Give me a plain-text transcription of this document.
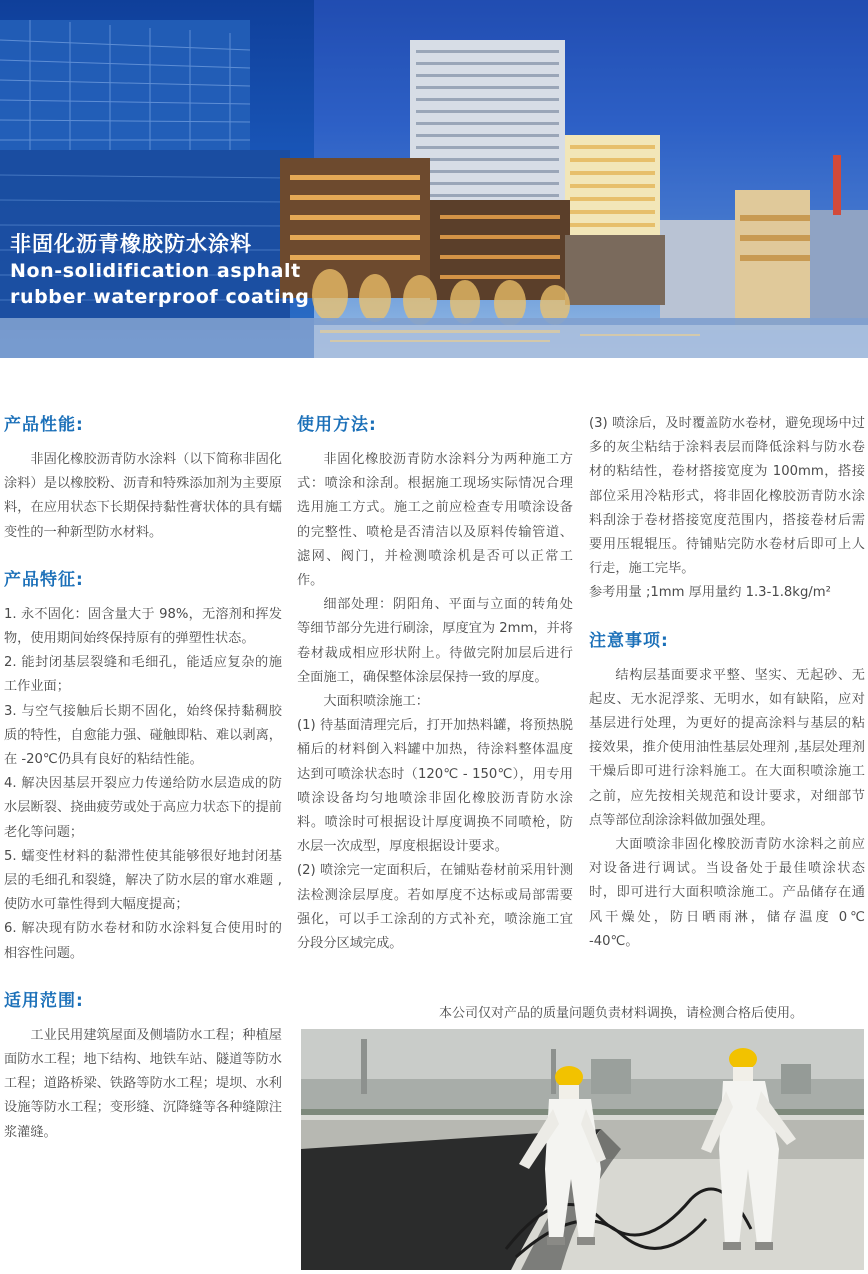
非固化沥青橡胶防水涂料
Non-solidification asphalt
rubber waterproof coating
产品性能:

非固化橡胶沥青防水涂料（以下简称非固化涂料）是以橡胶粉、沥青和特殊添加剂为主要原料，在应用状态下长期保持黏性膏状体的具有蠕变性的一种新型防水材料。

产品特征:

1. 永不固化：固含量大于 98%，无溶剂和挥发物，使用期间始终保持原有的弹塑性状态。

2. 能封闭基层裂缝和毛细孔，能适应复杂的施工作业面；

3. 与空气接触后长期不固化，始终保持黏稠胶质的特性，自愈能力强、碰触即粘、难以剥离，在 -20℃仍具有良好的粘结性能。

4. 解决因基层开裂应力传递给防水层造成的防水层断裂、挠曲疲劳或处于高应力状态下的提前老化等问题；

5. 蠕变性材料的黏滞性使其能够很好地封闭基层的毛细孔和裂缝，解决了防水层的窜水难题 ,使防水可靠性得到大幅度提高；

6. 解决现有防水卷材和防水涂料复合使用时的相容性问题。

适用范围:

工业民用建筑屋面及侧墙防水工程；种植屋面防水工程；地下结构、地铁车站、隧道等防水工程；道路桥梁、铁路等防水工程；堤坝、水利设施等防水工程；变形缝、沉降缝等各种缝隙注浆灌缝。

使用方法:

非固化橡胶沥青防水涂料分为两种施工方式：喷涂和涂刮。根据施工现场实际情况合理选用施工方式。施工之前应检查专用喷涂设备的完整性、喷枪是否清洁以及原料传输管道、滤网、阀门，并检测喷涂机是否可以正常工作。

细部处理：阴阳角、平面与立面的转角处等细节部分先进行刷涂，厚度宜为 2mm，并将卷材裁成相应形状附上。待做完附加层后进行全面施工，确保整体涂层保持一致的厚度。

大面积喷涂施工：

(1) 待基面清理完后，打开加热料罐，将预热脱桶后的材料倒入料罐中加热，待涂料整体温度达到可喷涂状态时（120℃ - 150℃），用专用喷涂设备均匀地喷涂非固化橡胶沥青防水涂料。喷涂时可根据设计厚度调换不同喷枪，防水层一次成型，厚度根据设计要求。

(2) 喷涂完一定面积后，在铺贴卷材前采用针测法检测涂层厚度。若如厚度不达标或局部需要强化，可以手工涂刮的方式补充，喷涂施工宜分段分区域完成。

(3) 喷涂后，及时覆盖防水卷材，避免现场中过多的灰尘粘结于涂料表层而降低涂料与防水卷材的粘结性，卷材搭接宽度为 100mm，搭接部位采用冷粘形式，将非固化橡胶沥青防水涂料刮涂于卷材搭接宽度范围内，搭接卷材后需要用压辊辊压。待铺贴完防水卷材后即可上人行走，施工完毕。

参考用量 ;1mm 厚用量约 1.3-1.8kg/m²

注意事项:

结构层基面要求平整、坚实、无起砂、无起皮、无水泥浮浆、无明水，如有缺陷，应对基层进行处理，为更好的提高涂料与基层的粘接效果，推介使用油性基层处理剂 ,基层处理剂干燥后即可进行涂料施工。在大面积喷涂施工之前，应先按相关规范和设计要求，对细部节点等部位刮涂涂料做加强处理。

大面喷涂非固化橡胶沥青防水涂料之前应对设备进行调试。当设备处于最佳喷涂状态时，即可进行大面积喷涂施工。产品储存在通风干燥处，防日晒雨淋，储存温度 0℃ -40℃。

本公司仅对产品的质量问题负责材料调换，请检测合格后使用。
